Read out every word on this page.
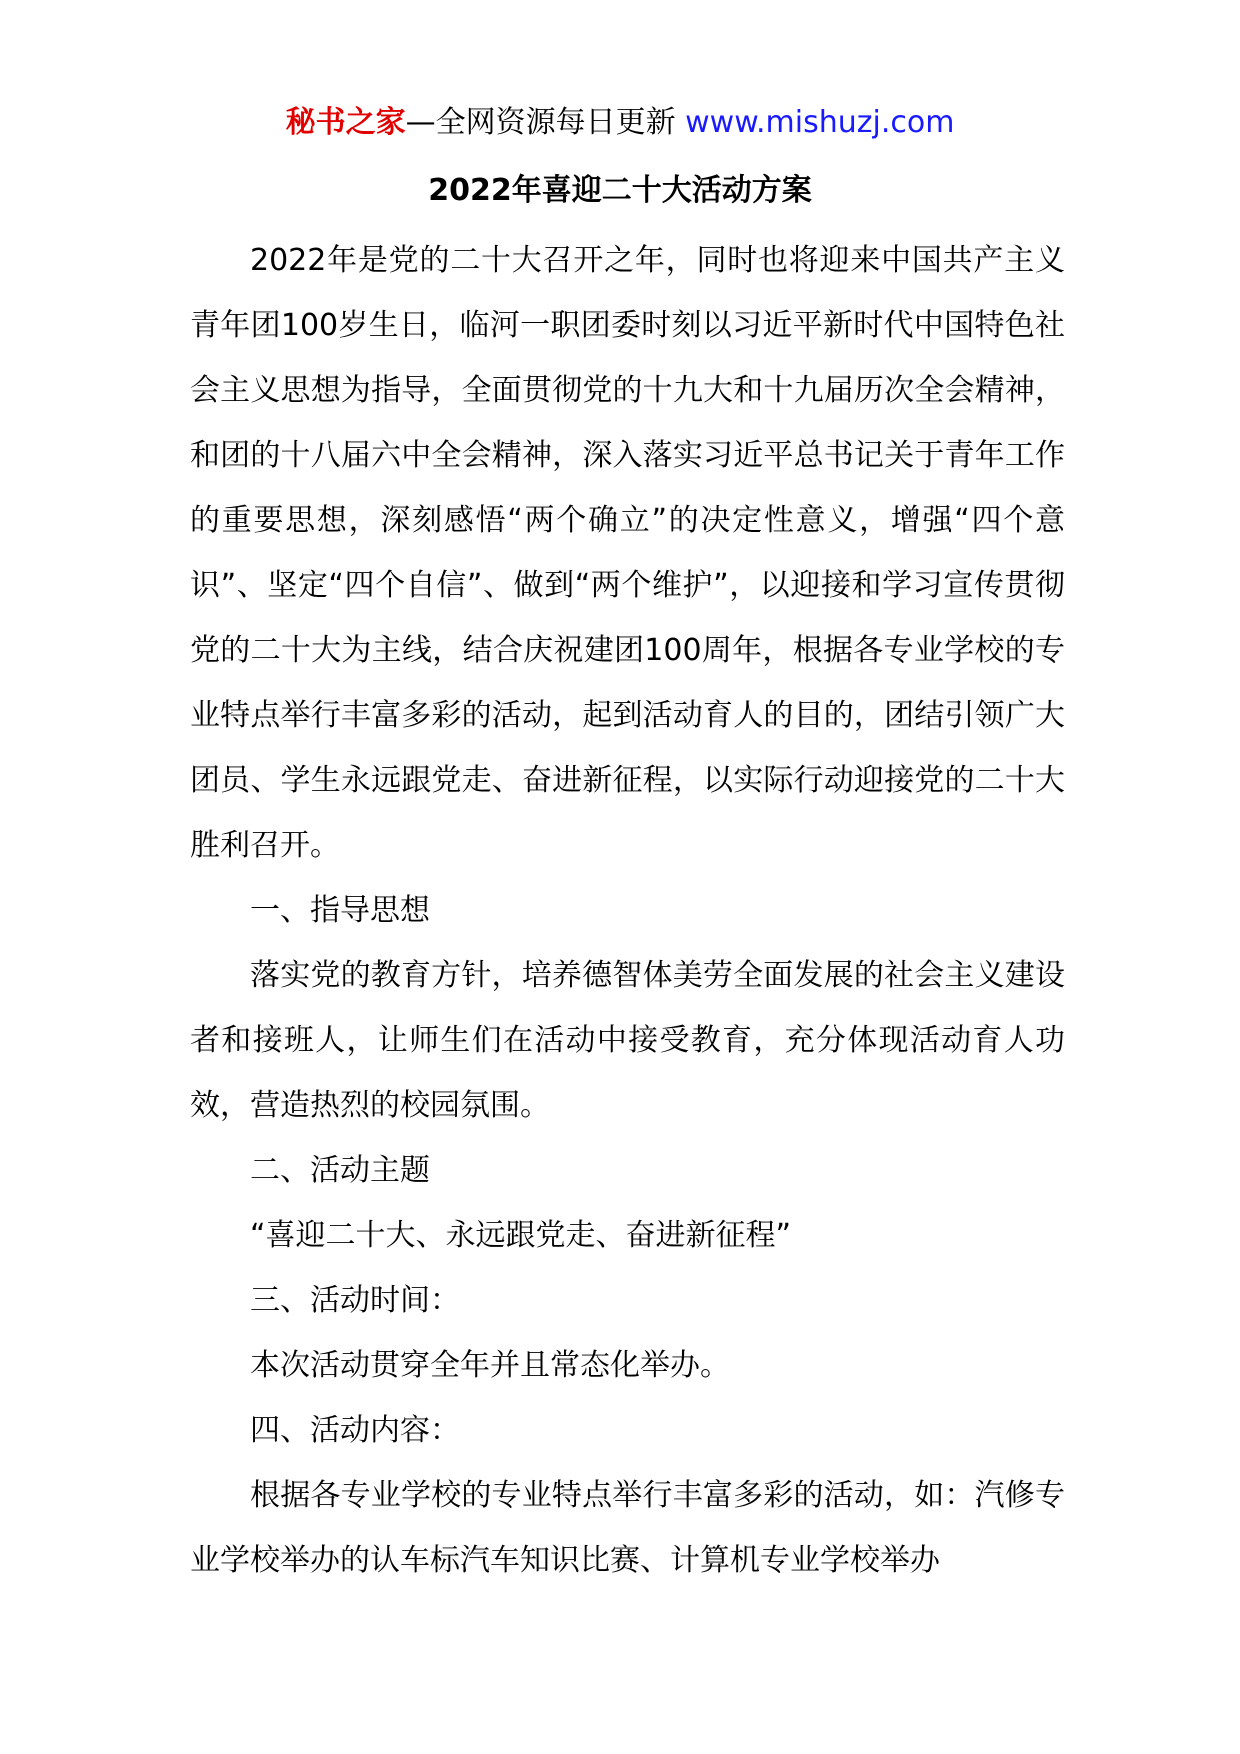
秘书之家—全网资源每日更新 www.mishuzj.com
2022年喜迎二十大活动方案

2022年是党的二十大召开之年，同时也将迎来中国共产主义青年团100岁生日，临河一职团委时刻以习近平新时代中国特色社会主义思想为指导，全面贯彻党的十九大和十九届历次全会精神，和团的十八届六中全会精神，深入落实习近平总书记关于青年工作的重要思想，深刻感悟“两个确立”的决定性意义，增强“四个意识”、坚定“四个自信”、做到“两个维护”，以迎接和学习宣传贯彻党的二十大为主线，结合庆祝建团100周年，根据各专业学校的专业特点举行丰富多彩的活动，起到活动育人的目的，团结引领广大团员、学生永远跟党走、奋进新征程，以实际行动迎接党的二十大胜利召开。

一、指导思想

落实党的教育方针，培养德智体美劳全面发展的社会主义建设者和接班人，让师生们在活动中接受教育，充分体现活动育人功效，营造热烈的校园氛围。

二、活动主题

“喜迎二十大、永远跟党走、奋进新征程”

三、活动时间：

本次活动贯穿全年并且常态化举办。

四、活动内容：

根据各专业学校的专业特点举行丰富多彩的活动，如：汽修专业学校举办的认车标汽车知识比赛、计算机专业学校举办
